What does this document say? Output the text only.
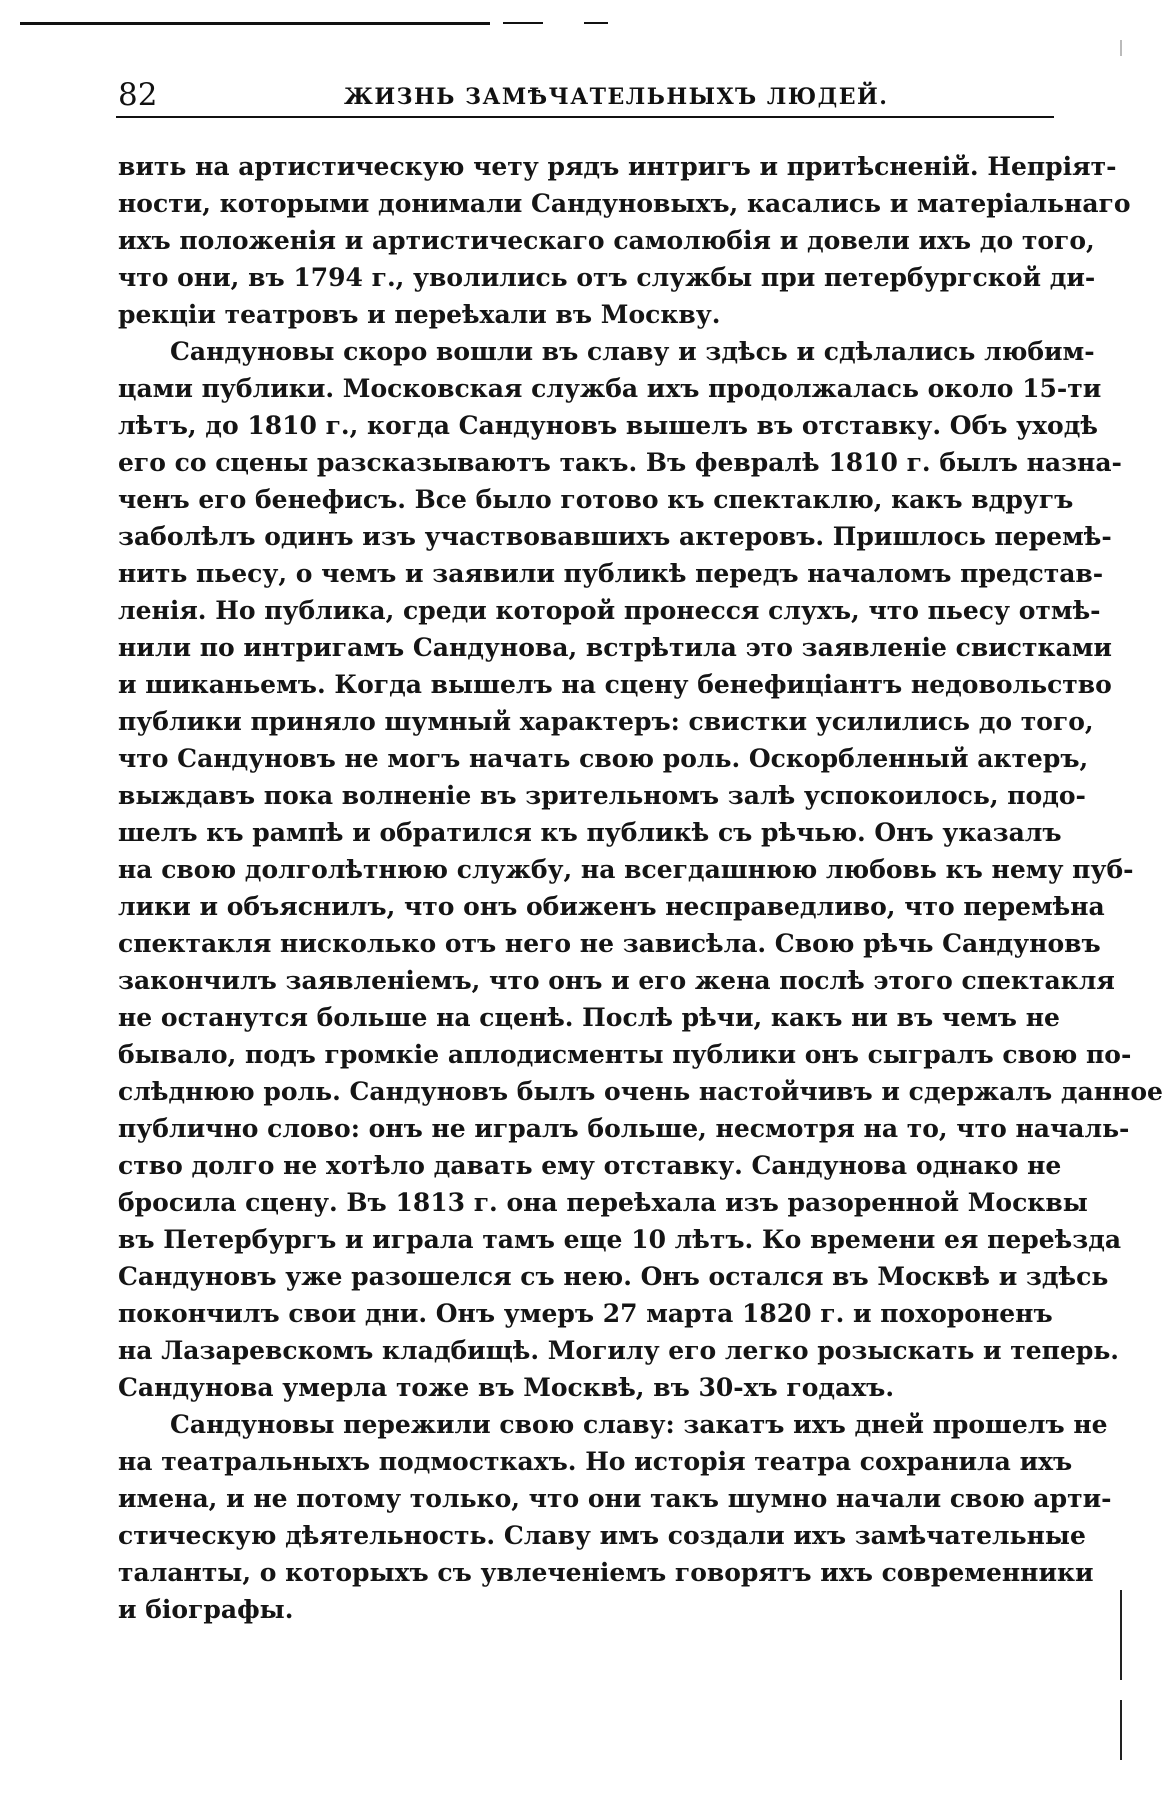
82	ЖИЗНЬ ЗАМѢЧАТЕЛЬНЫХЪ ЛЮДЕЙ.
вить на артистическую чету рядъ интригъ и притѣсненій. Непріят-
ности, которыми донимали Сандуновыхъ, касались и матеріальнаго
ихъ положенія и артистическаго самолюбія и довели ихъ до того,
что они, въ 1794 г., уволились отъ службы при петербургской ди-
рекціи театровъ и переѣхали въ Москву.
Сандуновы скоро вошли въ славу и здѣсь и сдѣлались любим-
цами публики. Московская служба ихъ продолжалась около 15-ти
лѣтъ, до 1810 г., когда Сандуновъ вышелъ въ отставку. Объ уходѣ
его со сцены разсказываютъ такъ. Въ февралѣ 1810 г. былъ назна-
ченъ его бенефисъ. Все было готово къ спектаклю, какъ вдругъ
заболѣлъ одинъ изъ участвовавшихъ актеровъ. Пришлось перемѣ-
нить пьесу, о чемъ и заявили публикѣ передъ началомъ представ-
ленія. Но публика, среди которой пронесся слухъ, что пьесу отмѣ-
нили по интригамъ Сандунова, встрѣтила это заявленіе свистками
и шиканьемъ. Когда вышелъ на сцену бенефиціантъ недовольство
публики приняло шумный характеръ: свистки усилились до того,
что Сандуновъ не могъ начать свою роль. Оскорбленный актеръ,
выждавъ пока волненіе въ зрительномъ залѣ успокоилось, подо-
шелъ къ рампѣ и обратился къ публикѣ съ рѣчью. Онъ указалъ
на свою долголѣтнюю службу, на всегдашнюю любовь къ нему пуб-
лики и объяснилъ, что онъ обиженъ несправедливо, что перемѣна
спектакля нисколько отъ него не зависѣла. Свою рѣчь Сандуновъ
закончилъ заявленіемъ, что онъ и его жена послѣ этого спектакля
не останутся больше на сценѣ. Послѣ рѣчи, какъ ни въ чемъ не
бывало, подъ громкіе аплодисменты публики онъ сыгралъ свою по-
слѣднюю роль. Сандуновъ былъ очень настойчивъ и сдержалъ данное
публично слово: онъ не игралъ больше, несмотря на то, что началь-
ство долго не хотѣло давать ему отставку. Сандунова однако не
бросила сцену. Въ 1813 г. она переѣхала изъ разоренной Москвы
въ Петербургъ и играла тамъ еще 10 лѣтъ. Ко времени ея переѣзда
Сандуновъ уже разошелся съ нею. Онъ остался въ Москвѣ и здѣсь
покончилъ свои дни. Онъ умеръ 27 марта 1820 г. и похороненъ
на Лазаревскомъ кладбищѣ. Могилу его легко розыскать и теперь.
Сандунова умерла тоже въ Москвѣ, въ 30-хъ годахъ.
Сандуновы пережили свою славу: закатъ ихъ дней прошелъ не
на театральныхъ подмосткахъ. Но исторія театра сохранила ихъ
имена, и не потому только, что они такъ шумно начали свою арти-
стическую дѣятельность. Славу имъ создали ихъ замѣчательные
таланты, о которыхъ съ увлеченіемъ говорятъ ихъ современники
и біографы.
